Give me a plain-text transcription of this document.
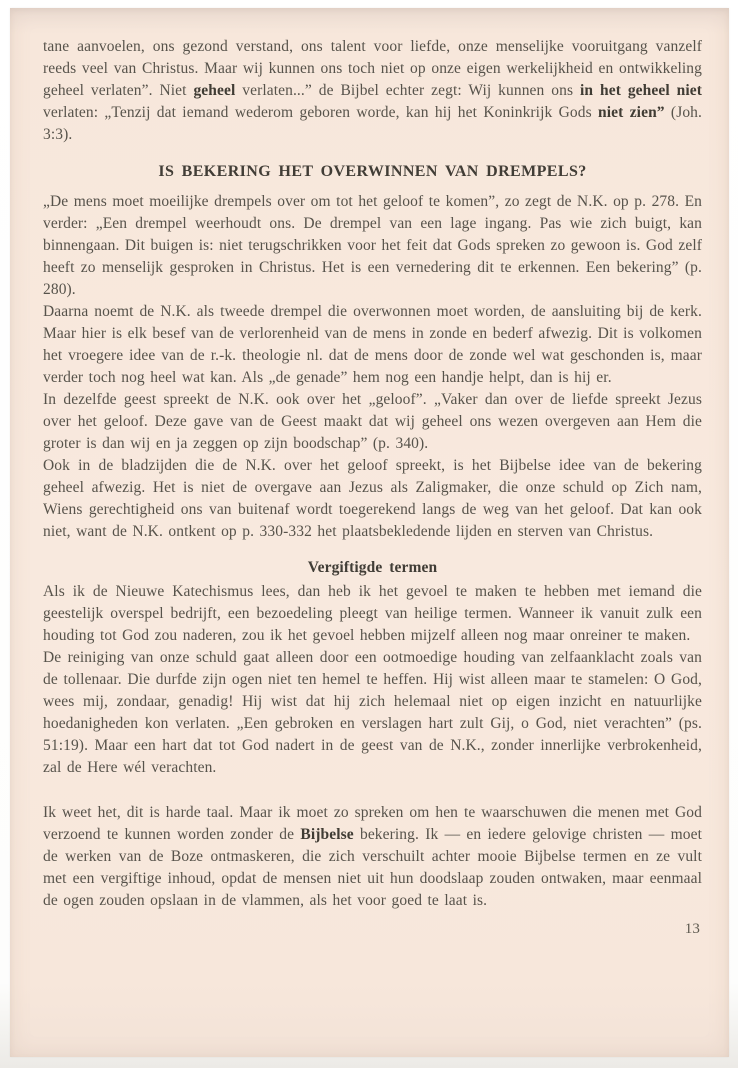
tane aanvoelen, ons gezond verstand, ons talent voor liefde, onze menselijke vooruitgang vanzelf reeds veel van Christus. Maar wij kunnen ons toch niet op onze eigen werkelijkheid en ontwikkeling geheel verlaten”. Niet geheel verlaten...” de Bijbel echter zegt: Wij kunnen ons in het geheel niet verlaten: „Tenzij dat iemand wederom geboren worde, kan hij het Koninkrijk Gods niet zien” (Joh. 3:3).

IS BEKERING HET OVERWINNEN VAN DREMPELS?

„De mens moet moeilijke drempels over om tot het geloof te komen”, zo zegt de N.K. op p. 278. En verder: „Een drempel weerhoudt ons. De drempel van een lage ingang. Pas wie zich buigt, kan binnengaan. Dit buigen is: niet terugschrikken voor het feit dat Gods spreken zo gewoon is. God zelf heeft zo menselijk gesproken in Christus. Het is een vernedering dit te erkennen. Een bekering” (p. 280).

Daarna noemt de N.K. als tweede drempel die overwonnen moet worden, de aansluiting bij de kerk. Maar hier is elk besef van de verlorenheid van de mens in zonde en bederf afwezig. Dit is volkomen het vroegere idee van de r.-k. theologie nl. dat de mens door de zonde wel wat geschonden is, maar verder toch nog heel wat kan. Als „de genade” hem nog een handje helpt, dan is hij er.

In dezelfde geest spreekt de N.K. ook over het „geloof”. „Vaker dan over de liefde spreekt Jezus over het geloof. Deze gave van de Geest maakt dat wij geheel ons wezen overgeven aan Hem die groter is dan wij en ja zeggen op zijn boodschap” (p. 340).

Ook in de bladzijden die de N.K. over het geloof spreekt, is het Bijbelse idee van de bekering geheel afwezig. Het is niet de overgave aan Jezus als Zaligmaker, die onze schuld op Zich nam, Wiens gerechtigheid ons van buitenaf wordt toegerekend langs de weg van het geloof. Dat kan ook niet, want de N.K. ontkent op p. 330-332 het plaatsbekledende lijden en sterven van Christus.

Vergiftigde termen

Als ik de Nieuwe Katechismus lees, dan heb ik het gevoel te maken te hebben met iemand die geestelijk overspel bedrijft, een bezoedeling pleegt van heilige termen. Wanneer ik vanuit zulk een houding tot God zou naderen, zou ik het gevoel hebben mijzelf alleen nog maar onreiner te maken.

De reiniging van onze schuld gaat alleen door een ootmoedige houding van zelfaanklacht zoals van de tollenaar. Die durfde zijn ogen niet ten hemel te heffen. Hij wist alleen maar te stamelen: O God, wees mij, zondaar, genadig! Hij wist dat hij zich helemaal niet op eigen inzicht en natuurlijke hoedanigheden kon verlaten. „Een gebroken en verslagen hart zult Gij, o God, niet verachten” (ps. 51:19). Maar een hart dat tot God nadert in de geest van de N.K., zonder innerlijke verbrokenheid, zal de Here wél verachten.

Ik weet het, dit is harde taal. Maar ik moet zo spreken om hen te waarschuwen die menen met God verzoend te kunnen worden zonder de Bijbelse bekering. Ik — en iedere gelovige christen — moet de werken van de Boze ontmaskeren, die zich verschuilt achter mooie Bijbelse termen en ze vult met een vergiftige inhoud, opdat de mensen niet uit hun doodslaap zouden ontwaken, maar eenmaal de ogen zouden opslaan in de vlammen, als het voor goed te laat is.

13
